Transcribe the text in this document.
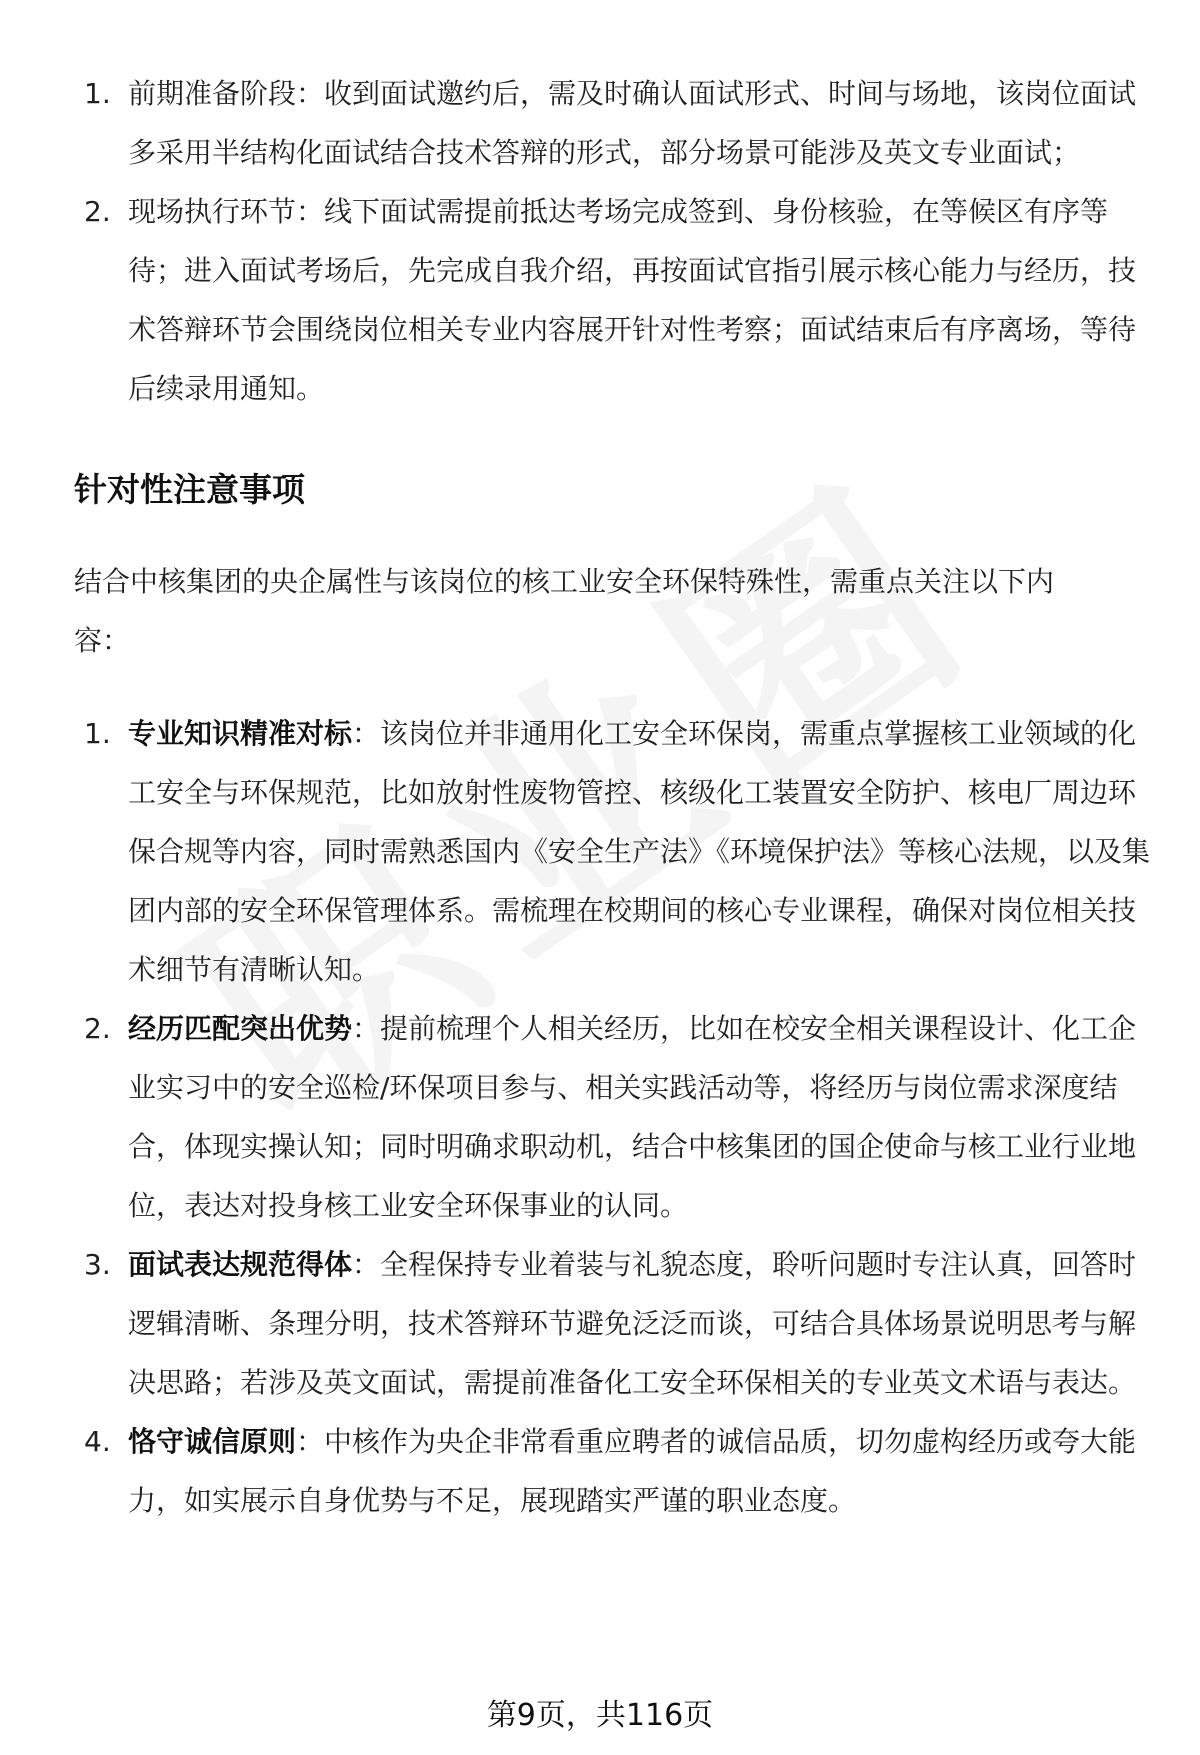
1. 前期准备阶段：收到面试邀约后，需及时确认面试形式、时间与场地，该岗位面试多采用半结构化面试结合技术答辩的形式，部分场景可能涉及英文专业面试；
2. 现场执行环节：线下面试需提前抵达考场完成签到、身份核验，在等候区有序等待；进入面试考场后，先完成自我介绍，再按面试官指引展示核心能力与经历，技术答辩环节会围绕岗位相关专业内容展开针对性考察；面试结束后有序离场，等待后续录用通知。
针对性注意事项
结合中核集团的央企属性与该岗位的核工业安全环保特殊性，需重点关注以下内容：
1. 专业知识精准对标：该岗位并非通用化工安全环保岗，需重点掌握核工业领域的化工安全与环保规范，比如放射性废物管控、核级化工装置安全防护、核电厂周边环保合规等内容，同时需熟悉国内《安全生产法》《环境保护法》等核心法规，以及集团内部的安全环保管理体系。需梳理在校期间的核心专业课程，确保对岗位相关技术细节有清晰认知。
2. 经历匹配突出优势：提前梳理个人相关经历，比如在校安全相关课程设计、化工企业实习中的安全巡检/环保项目参与、相关实践活动等，将经历与岗位需求深度结合，体现实操认知；同时明确求职动机，结合中核集团的国企使命与核工业行业地位，表达对投身核工业安全环保事业的认同。
3. 面试表达规范得体：全程保持专业着装与礼貌态度，聆听问题时专注认真，回答时逻辑清晰、条理分明，技术答辩环节避免泛泛而谈，可结合具体场景说明思考与解决思路；若涉及英文面试，需提前准备化工安全环保相关的专业英文术语与表达。
4. 恪守诚信原则：中核作为央企非常看重应聘者的诚信品质，切勿虚构经历或夸大能力，如实展示自身优势与不足，展现踏实严谨的职业态度。
第9页，共116页
